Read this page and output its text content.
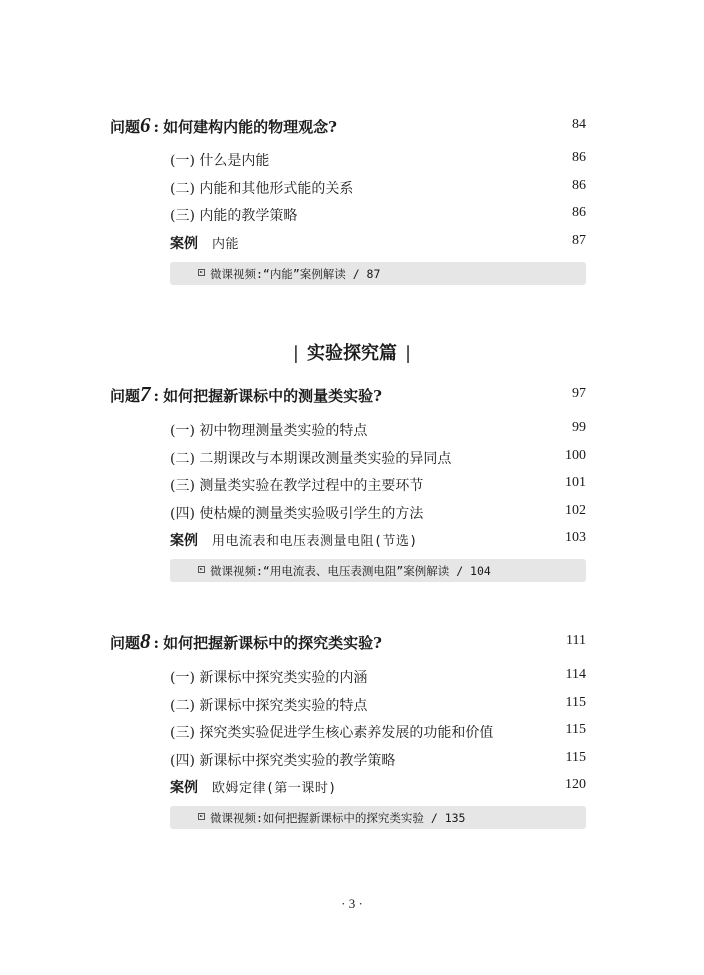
问题6 : 如何建构内能的物理观念?	84
(一) 什么是内能	86
(二) 内能和其他形式能的关系	86
(三) 内能的教学策略	86
案例 内能	87
微课视频:“内能”案例解读 / 87
| 实验探究篇 |
问题7 : 如何把握新课标中的测量类实验?	97
(一) 初中物理测量类实验的特点	99
(二) 二期课改与本期课改测量类实验的异同点	100
(三) 测量类实验在教学过程中的主要环节	101
(四) 使枯燥的测量类实验吸引学生的方法	102
案例 用电流表和电压表测量电阻(节选)	103
微课视频:“用电流表、电压表测电阻”案例解读 / 104
问题8 : 如何把握新课标中的探究类实验?	111
(一) 新课标中探究类实验的内涵	114
(二) 新课标中探究类实验的特点	115
(三) 探究类实验促进学生核心素养发展的功能和价值	115
(四) 新课标中探究类实验的教学策略	115
案例 欧姆定律(第一课时)	120
微课视频:如何把握新课标中的探究类实验 / 135
· 3 ·
